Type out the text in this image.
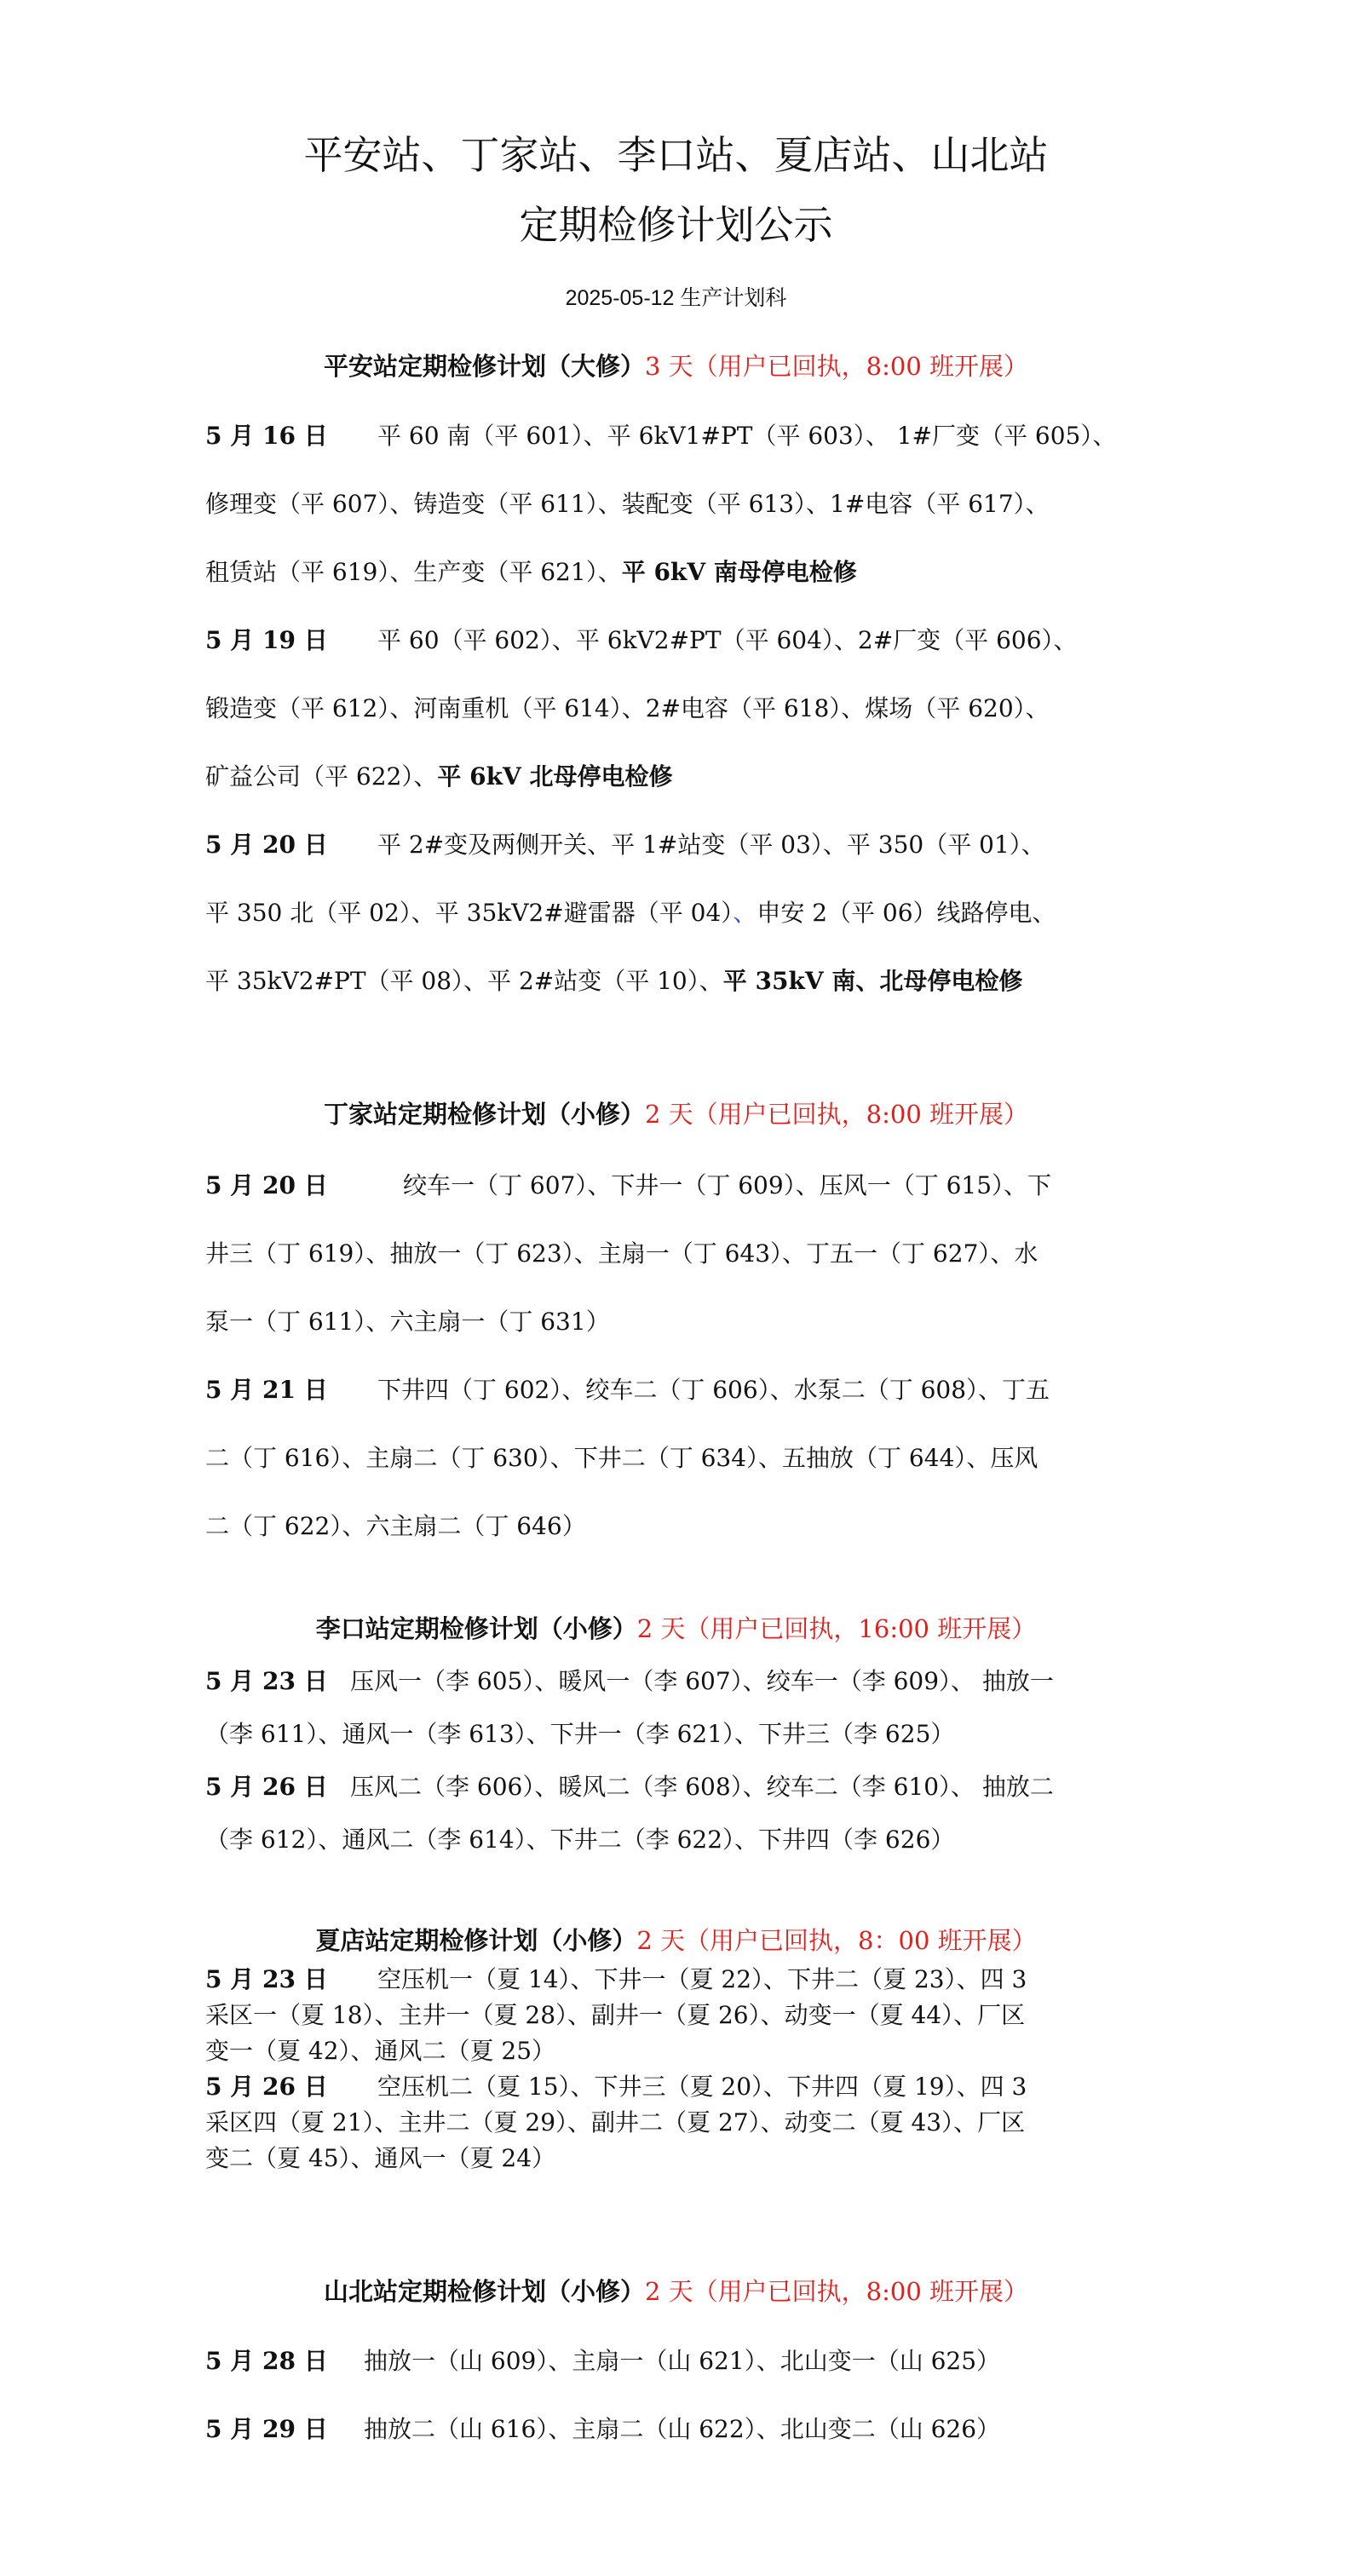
平安站、丁家站、李口站、夏店站、山北站
定期检修计划公示
2025-05-12 生产计划科
平安站定期检修计划（大修）3 天（用户已回执，8:00 班开展）
5 月 16 日 平 60 南（平 601）、平 6kV1#PT（平 603）、 1#厂变（平 605）、
修理变（平 607）、铸造变（平 611）、装配变（平 613）、1#电容（平 617）、
租赁站（平 619）、生产变（平 621）、平 6kV 南母停电检修
5 月 19 日 平 60（平 602）、平 6kV2#PT（平 604）、2#厂变（平 606）、
锻造变（平 612）、河南重机（平 614）、2#电容（平 618）、煤场（平 620）、
矿益公司（平 622）、平 6kV 北母停电检修
5 月 20 日 平 2#变及两侧开关、平 1#站变（平 03）、平 350（平 01）、
平 350 北（平 02）、平 35kV2#避雷器（平 04）、申安 2（平 06）线路停电、
平 35kV2#PT（平 08）、平 2#站变（平 10）、平 35kV 南、北母停电检修
丁家站定期检修计划（小修）2 天（用户已回执，8:00 班开展）
5 月 20 日	绞车一（丁 607）、下井一（丁 609）、压风一（丁 615）、下
井三（丁 619）、抽放一（丁 623）、主扇一（丁 643）、丁五一（丁 627）、水
泵一（丁 611）、六主扇一（丁 631）
5 月 21 日 下井四（丁 602）、绞车二（丁 606）、水泵二（丁 608）、丁五
二（丁 616）、主扇二（丁 630）、下井二（丁 634）、五抽放（丁 644）、压风
二（丁 622）、六主扇二（丁 646）
李口站定期检修计划（小修）2 天（用户已回执，16:00 班开展）
5 月 23 日 压风一（李 605）、暖风一（李 607）、绞车一（李 609）、 抽放一
（李 611）、通风一（李 613）、下井一（李 621）、下井三（李 625）
5 月 26 日 压风二（李 606）、暖风二（李 608）、绞车二（李 610）、 抽放二
（李 612）、通风二（李 614）、下井二（李 622）、下井四（李 626）
夏店站定期检修计划（小修）2 天（用户已回执，8：00 班开展）
5 月 23 日 空压机一（夏 14）、下井一（夏 22）、下井二（夏 23）、四 3
采区一（夏 18）、主井一（夏 28）、副井一（夏 26）、动变一（夏 44）、厂区
变一（夏 42）、通风二（夏 25）
5 月 26 日 空压机二（夏 15）、下井三（夏 20）、下井四（夏 19）、四 3
采区四（夏 21）、主井二（夏 29）、副井二（夏 27）、动变二（夏 43）、厂区
变二（夏 45）、通风一（夏 24）
山北站定期检修计划（小修）2 天（用户已回执，8:00 班开展）
5 月 28 日 抽放一（山 609）、主扇一（山 621）、北山变一（山 625）
5 月 29 日 抽放二（山 616）、主扇二（山 622）、北山变二（山 626）
